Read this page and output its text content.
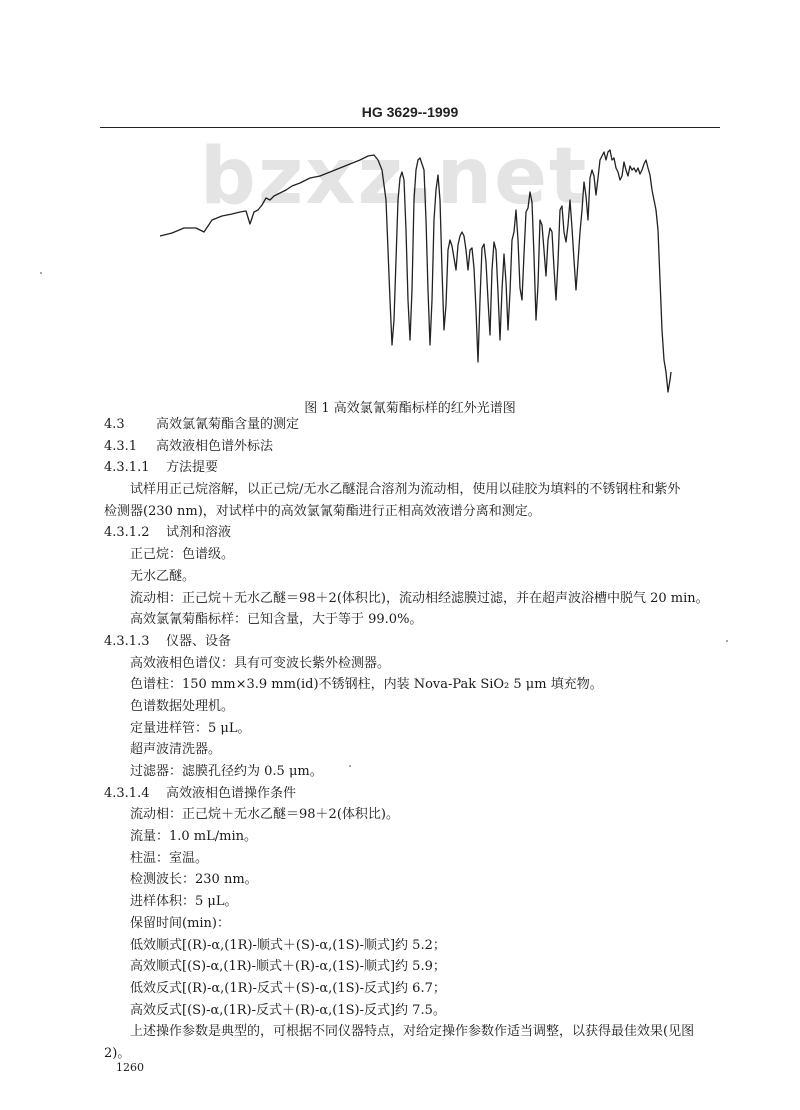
HG 3629--1999
bzxz.net
图 1 高效氯氰菊酯标样的红外光谱图
4.3 高效氯氰菊酯含量的测定
4.3.1 高效液相色谱外标法
4.3.1.1 方法提要
试样用正己烷溶解，以正己烷/无水乙醚混合溶剂为流动相，使用以硅胶为填料的不锈钢柱和紫外
检测器(230 nm)，对试样中的高效氯氰菊酯进行正相高效液谱分离和测定。
4.3.1.2 试剂和溶液
正己烷：色谱级。
无水乙醚。
流动相：正己烷＋无水乙醚＝98＋2(体积比)，流动相经滤膜过滤，并在超声波浴槽中脱气 20 min。
高效氯氰菊酯标样：已知含量，大于等于 99.0%。
4.3.1.3 仪器、设备
高效液相色谱仪：具有可变波长紫外检测器。
色谱柱：150 mm×3.9 mm(id)不锈钢柱，内装 Nova-Pak SiO₂ 5 μm 填充物。
色谱数据处理机。
定量进样管：5 μL。
超声波清洗器。
过滤器：滤膜孔径约为 0.5 μm。
4.3.1.4 高效液相色谱操作条件
流动相：正己烷＋无水乙醚＝98＋2(体积比)。
流量：1.0 mL/min。
柱温：室温。
检测波长：230 nm。
进样体积：5 μL。
保留时间(min)：
低效顺式[(R)-α,(1R)-顺式＋(S)-α,(1S)-顺式]约 5.2；
高效顺式[(S)-α,(1R)-顺式＋(R)-α,(1S)-顺式]约 5.9；
低效反式[(R)-α,(1R)-反式＋(S)-α,(1S)-反式]约 6.7；
高效反式[(S)-α,(1R)-反式＋(R)-α,(1S)-反式]约 7.5。
上述操作参数是典型的，可根据不同仪器特点，对给定操作参数作适当调整，以获得最佳效果(见图
2)。
1260
